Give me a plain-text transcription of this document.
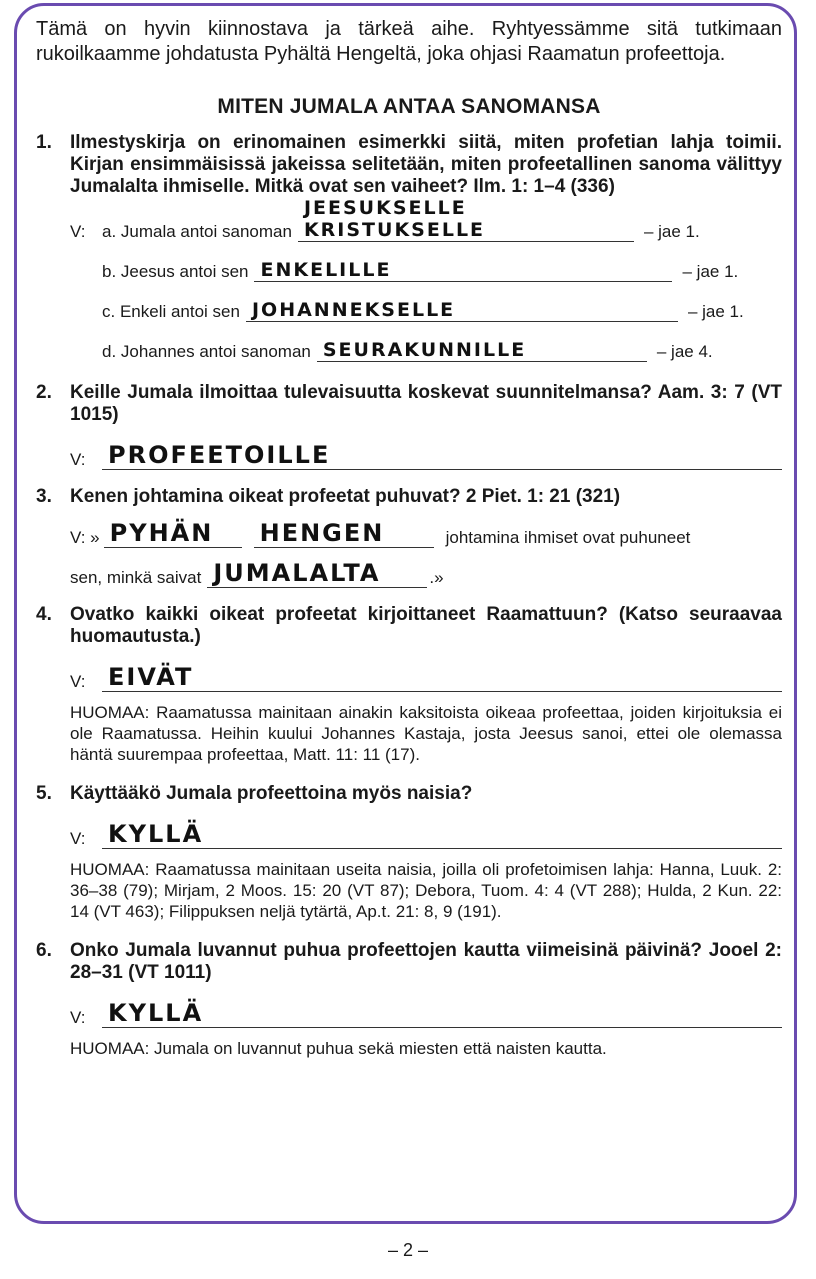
Tämä on hyvin kiinnostava ja tärkeä aihe. Ryhtyessämme sitä tutkimaan rukoilkaamme johdatusta Pyhältä Hengeltä, joka ohjasi Raamatun profeettoja.

MITEN JUMALA ANTAA SANOMANSA
1. Ilmestyskirja on erinomainen esimerkki siitä, miten profetian lahja toimii. Kirjan ensimmäisissä jakeissa selitetään, miten profeetallinen sanoma välittyy Jumalalta ihmiselle. Mitkä ovat sen vaiheet? Ilm. 1: 1–4 (336)

V: a. Jumala antoi sanoman
JEESUKSELLE KRISTUKSELLE	– jae 1.
b. Jeesus antoi sen ENKELILLE	– jae 1.
c. Enkeli antoi sen JOHANNEKSELLE	– jae 1.
d. Johannes antoi sanoman SEURAKUNNILLE	– jae 4.
2. Keille Jumala ilmoittaa tulevaisuutta koskevat suunnitelmansa? Aam. 3: 7 (VT 1015)

V: PROFEETOILLE
3. Kenen johtamina oikeat profeetat puhuvat? 2 Piet. 1: 21 (321)

V: » PYHÄN HENGEN	johtamina ihmiset ovat puhuneet
sen, minkä saivat JUMALALTA	.»
4. Ovatko kaikki oikeat profeetat kirjoittaneet Raamattuun? (Katso seuraavaa huomautusta.)

V: EIVÄT

HUOMAA: Raamatussa mainitaan ainakin kaksitoista oikeaa profeettaa, joiden kirjoituksia ei ole Raamatussa. Heihin kuului Johannes Kastaja, josta Jeesus sanoi, ettei ole olemassa häntä suurempaa profeettaa, Matt. 11: 11 (17).

5. Käyttääkö Jumala profeettoina myös naisia?

V: KYLLÄ

HUOMAA: Raamatussa mainitaan useita naisia, joilla oli profetoimisen lahja: Hanna, Luuk. 2: 36–38 (79); Mirjam, 2 Moos. 15: 20 (VT 87); Debora, Tuom. 4: 4 (VT 288); Hulda, 2 Kun. 22: 14 (VT 463); Filippuksen neljä tytärtä, Ap.t. 21: 8, 9 (191).

6. Onko Jumala luvannut puhua profeettojen kautta viimeisinä päivinä? Jooel 2: 28–31 (VT 1011)

V: KYLLÄ

HUOMAA: Jumala on luvannut puhua sekä miesten että naisten kautta.

– 2 –
